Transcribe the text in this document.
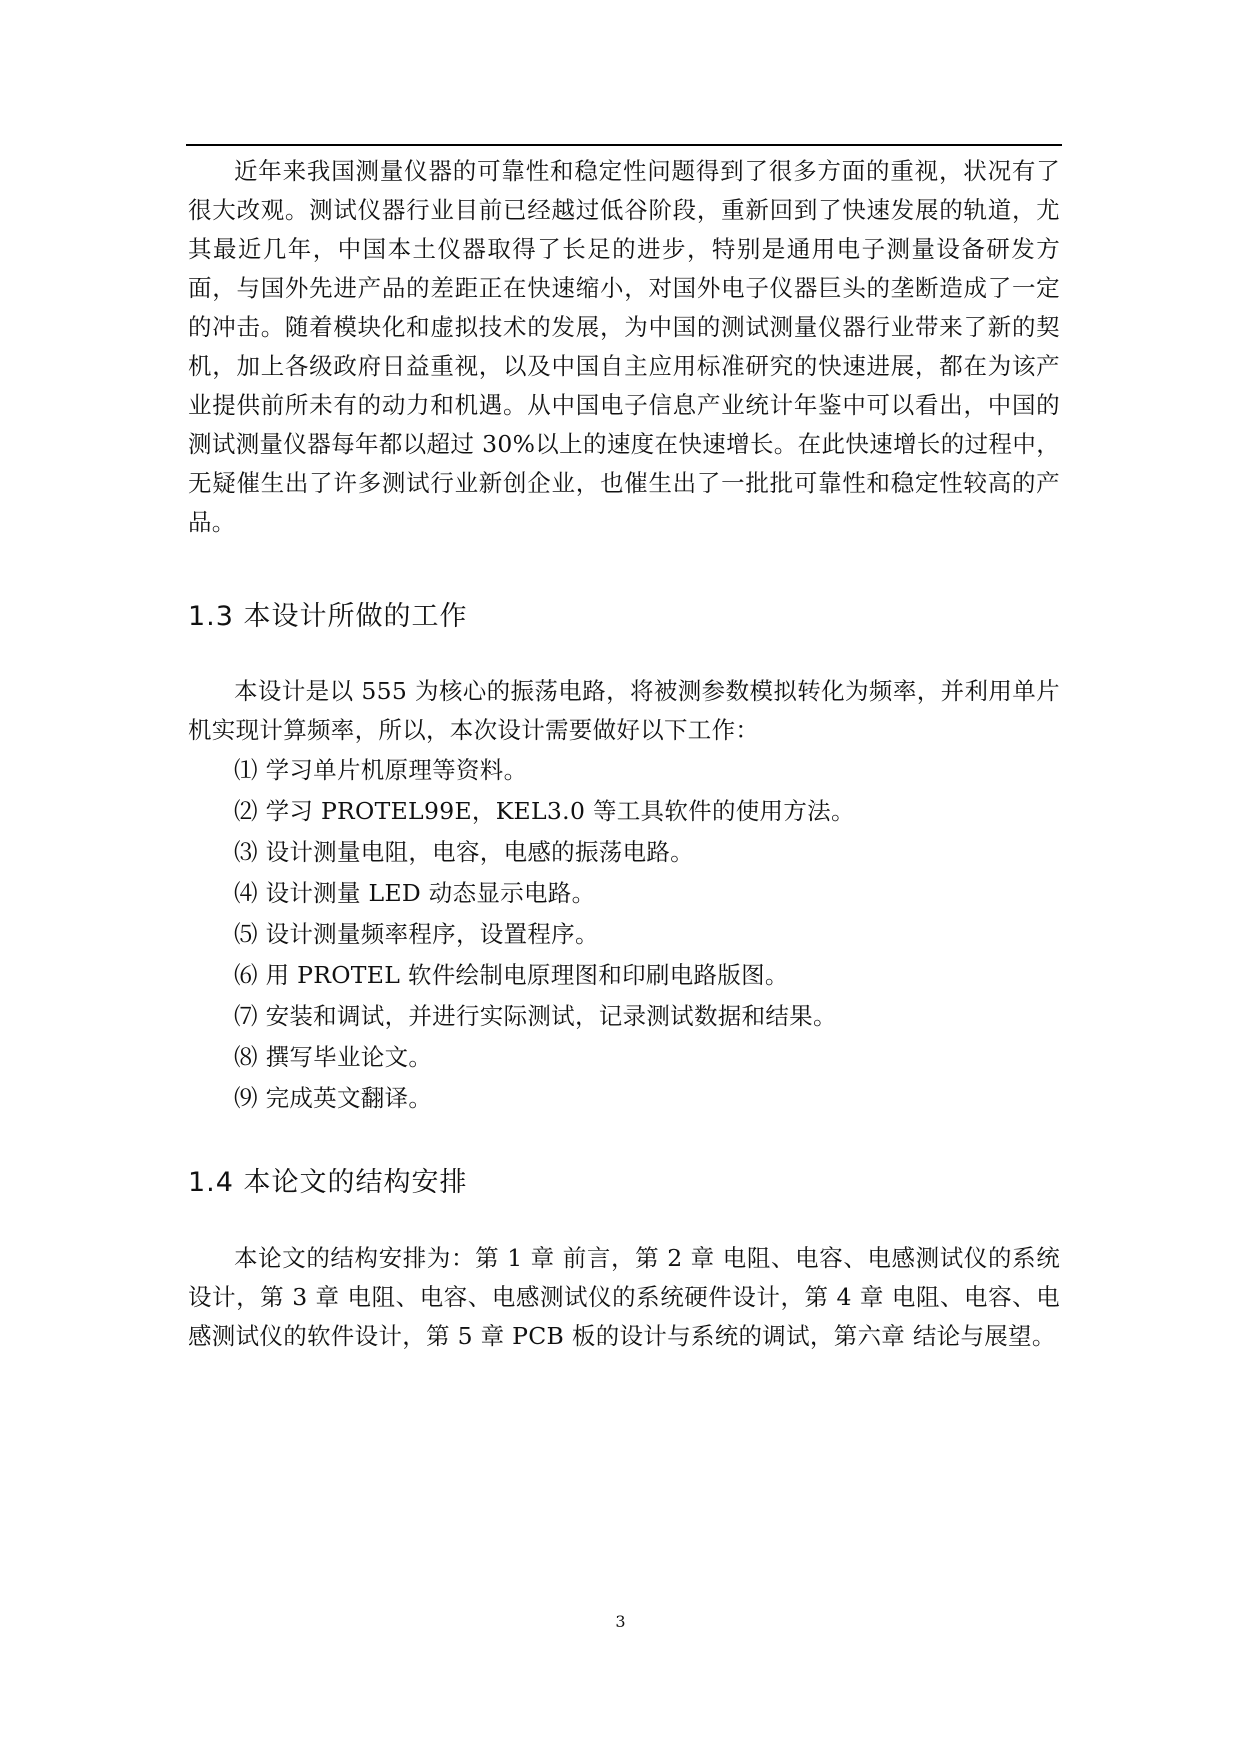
近年来我国测量仪器的可靠性和稳定性问题得到了很多方面的重视，状况有了很大改观。测试仪器行业目前已经越过低谷阶段，重新回到了快速发展的轨道，尤其最近几年，中国本土仪器取得了长足的进步，特别是通用电子测量设备研发方面，与国外先进产品的差距正在快速缩小，对国外电子仪器巨头的垄断造成了一定的冲击。随着模块化和虚拟技术的发展，为中国的测试测量仪器行业带来了新的契机，加上各级政府日益重视，以及中国自主应用标准研究的快速进展，都在为该产业提供前所未有的动力和机遇。从中国电子信息产业统计年鉴中可以看出，中国的测试测量仪器每年都以超过 30%以上的速度在快速增长。在此快速增长的过程中，无疑催生出了许多测试行业新创企业，也催生出了一批批可靠性和稳定性较高的产品。

1.3 本设计所做的工作

本设计是以 555 为核心的振荡电路，将被测参数模拟转化为频率，并利用单片机实现计算频率，所以，本次设计需要做好以下工作：

⑴ 学习单片机原理等资料。
⑵ 学习 PROTEL99E，KEL3.0 等工具软件的使用方法。
⑶ 设计测量电阻，电容，电感的振荡电路。
⑷ 设计测量 LED 动态显示电路。
⑸ 设计测量频率程序，设置程序。
⑹ 用 PROTEL 软件绘制电原理图和印刷电路版图。
⑺ 安装和调试，并进行实际测试，记录测试数据和结果。
⑻ 撰写毕业论文。
⑼ 完成英文翻译。
1.4 本论文的结构安排

本论文的结构安排为：第 1 章 前言，第 2 章 电阻、电容、电感测试仪的系统设计，第 3 章 电阻、电容、电感测试仪的系统硬件设计，第 4 章 电阻、电容、电感测试仪的软件设计，第 5 章 PCB 板的设计与系统的调试，第六章 结论与展望。

3
